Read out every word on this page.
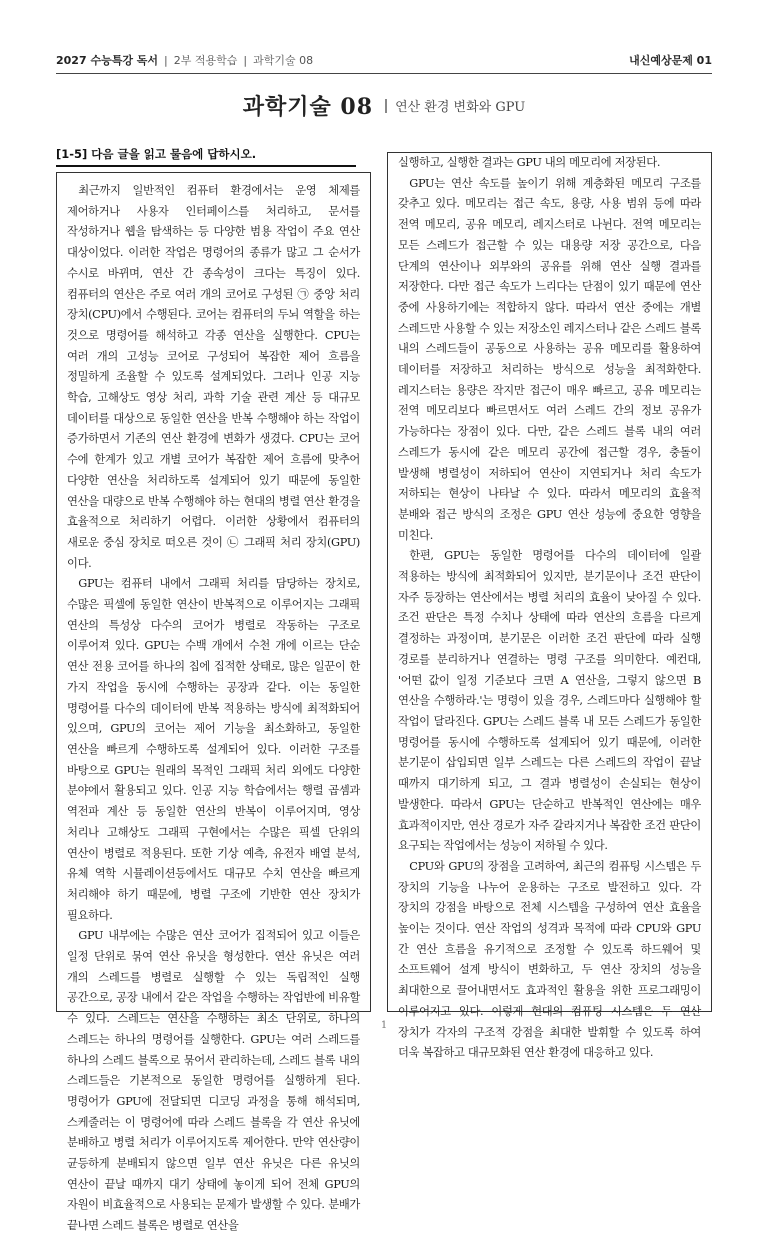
2027 수능특강 독서 | 2부 적용학습 | 과학기술 08	내신예상문제 01
과학기술 08 연산 환경 변화와 GPU
[1-5] 다음 글을 읽고 물음에 답하시오.

최근까지 일반적인 컴퓨터 환경에서는 운영 체제를 제어하거나 사용자 인터페이스를 처리하고, 문서를 작성하거나 웹을 탐색하는 등 다양한 범용 작업이 주요 연산 대상이었다. 이러한 작업은 명령어의 종류가 많고 그 순서가 수시로 바뀌며, 연산 간 종속성이 크다는 특징이 있다. 컴퓨터의 연산은 주로 여러 개의 코어로 구성된 ㉠ 중앙 처리 장치(CPU)에서 수행된다. 코어는 컴퓨터의 두뇌 역할을 하는 것으로 명령어를 해석하고 각종 연산을 실행한다. CPU는 여러 개의 고성능 코어로 구성되어 복잡한 제어 흐름을 정밀하게 조율할 수 있도록 설계되었다. 그러나 인공 지능 학습, 고해상도 영상 처리, 과학 기술 관련 계산 등 대규모 데이터를 대상으로 동일한 연산을 반복 수행해야 하는 작업이 증가하면서 기존의 연산 환경에 변화가 생겼다. CPU는 코어 수에 한계가 있고 개별 코어가 복잡한 제어 흐름에 맞추어 다양한 연산을 처리하도록 설계되어 있기 때문에 동일한 연산을 대량으로 반복 수행해야 하는 현대의 병렬 연산 환경을 효율적으로 처리하기 어렵다. 이러한 상황에서 컴퓨터의 새로운 중심 장치로 떠오른 것이 ㉡ 그래픽 처리 장치(GPU)이다.

GPU는 컴퓨터 내에서 그래픽 처리를 담당하는 장치로, 수많은 픽셀에 동일한 연산이 반복적으로 이루어지는 그래픽 연산의 특성상 다수의 코어가 병렬로 작동하는 구조로 이루어져 있다. GPU는 수백 개에서 수천 개에 이르는 단순 연산 전용 코어를 하나의 칩에 집적한 상태로, 많은 일꾼이 한 가지 작업을 동시에 수행하는 공장과 같다. 이는 동일한 명령어를 다수의 데이터에 반복 적용하는 방식에 최적화되어 있으며, GPU의 코어는 제어 기능을 최소화하고, 동일한 연산을 빠르게 수행하도록 설계되어 있다. 이러한 구조를 바탕으로 GPU는 원래의 목적인 그래픽 처리 외에도 다양한 분야에서 활용되고 있다. 인공 지능 학습에서는 행렬 곱셈과 역전파 계산 등 동일한 연산의 반복이 이루어지며, 영상 처리나 고해상도 그래픽 구현에서는 수많은 픽셀 단위의 연산이 병렬로 적용된다. 또한 기상 예측, 유전자 배열 분석, 유체 역학 시뮬레이션등에서도 대규모 수치 연산을 빠르게 처리해야 하기 때문에, 병렬 구조에 기반한 연산 장치가 필요하다.

GPU 내부에는 수많은 연산 코어가 집적되어 있고 이들은 일정 단위로 묶여 연산 유닛을 형성한다. 연산 유닛은 여러 개의 스레드를 병렬로 실행할 수 있는 독립적인 실행 공간으로, 공장 내에서 같은 작업을 수행하는 작업반에 비유할 수 있다. 스레드는 연산을 수행하는 최소 단위로, 하나의 스레드는 하나의 명령어를 실행한다. GPU는 여러 스레드를 하나의 스레드 블록으로 묶어서 관리하는데, 스레드 블록 내의 스레드들은 기본적으로 동일한 명령어를 실행하게 된다. 명령어가 GPU에 전달되면 디코딩 과정을 통해 해석되며, 스케줄러는 이 명령어에 따라 스레드 블록을 각 연산 유닛에 분배하고 병렬 처리가 이루어지도록 제어한다. 만약 연산량이 균등하게 분배되지 않으면 일부 연산 유닛은 다른 유닛의 연산이 끝날 때까지 대기 상태에 놓이게 되어 전체 GPU의 자원이 비효율적으로 사용되는 문제가 발생할 수 있다. 분배가 끝나면 스레드 블록은 병렬로 연산을

실행하고, 실행한 결과는 GPU 내의 메모리에 저장된다.

GPU는 연산 속도를 높이기 위해 계층화된 메모리 구조를 갖추고 있다. 메모리는 접근 속도, 용량, 사용 범위 등에 따라 전역 메모리, 공유 메모리, 레지스터로 나뉜다. 전역 메모리는 모든 스레드가 접근할 수 있는 대용량 저장 공간으로, 다음 단계의 연산이나 외부와의 공유를 위해 연산 실행 결과를 저장한다. 다만 접근 속도가 느리다는 단점이 있기 때문에 연산 중에 사용하기에는 적합하지 않다. 따라서 연산 중에는 개별 스레드만 사용할 수 있는 저장소인 레지스터나 같은 스레드 블록 내의 스레드들이 공동으로 사용하는 공유 메모리를 활용하여 데이터를 저장하고 처리하는 방식으로 성능을 최적화한다. 레지스터는 용량은 작지만 접근이 매우 빠르고, 공유 메모리는 전역 메모리보다 빠르면서도 여러 스레드 간의 정보 공유가 가능하다는 장점이 있다. 다만, 같은 스레드 블록 내의 여러 스레드가 동시에 같은 메모리 공간에 접근할 경우, 충돌이 발생해 병렬성이 저하되어 연산이 지연되거나 처리 속도가 저하되는 현상이 나타날 수 있다. 따라서 메모리의 효율적 분배와 접근 방식의 조정은 GPU 연산 성능에 중요한 영향을 미친다.

한편, GPU는 동일한 명령어를 다수의 데이터에 일괄 적용하는 방식에 최적화되어 있지만, 분기문이나 조건 판단이 자주 등장하는 연산에서는 병렬 처리의 효율이 낮아질 수 있다. 조건 판단은 특정 수치나 상태에 따라 연산의 흐름을 다르게 결정하는 과정이며, 분기문은 이러한 조건 판단에 따라 실행 경로를 분리하거나 연결하는 명령 구조를 의미한다. 예컨대, '어떤 값이 일정 기준보다 크면 A 연산을, 그렇지 않으면 B 연산을 수행하라.'는 명령이 있을 경우, 스레드마다 실행해야 할 작업이 달라진다. GPU는 스레드 블록 내 모든 스레드가 동일한 명령어를 동시에 수행하도록 설계되어 있기 때문에, 이러한 분기문이 삽입되면 일부 스레드는 다른 스레드의 작업이 끝날 때까지 대기하게 되고, 그 결과 병렬성이 손실되는 현상이 발생한다. 따라서 GPU는 단순하고 반복적인 연산에는 매우 효과적이지만, 연산 경로가 자주 갈라지거나 복잡한 조건 판단이 요구되는 작업에서는 성능이 저하될 수 있다.

CPU와 GPU의 장점을 고려하여, 최근의 컴퓨팅 시스템은 두 장치의 기능을 나누어 운용하는 구조로 발전하고 있다. 각 장치의 강점을 바탕으로 전체 시스템을 구성하여 연산 효율을 높이는 것이다. 연산 작업의 성격과 목적에 따라 CPU와 GPU 간 연산 흐름을 유기적으로 조정할 수 있도록 하드웨어 및 소프트웨어 설계 방식이 변화하고, 두 연산 장치의 성능을 최대한으로 끌어내면서도 효과적인 활용을 위한 프로그래밍이 이루어지고 있다. 이렇게 현대의 컴퓨팅 시스템은 두 연산 장치가 각자의 구조적 강점을 최대한 발휘할 수 있도록 하여 더욱 복잡하고 대규모화된 연산 환경에 대응하고 있다.

1
